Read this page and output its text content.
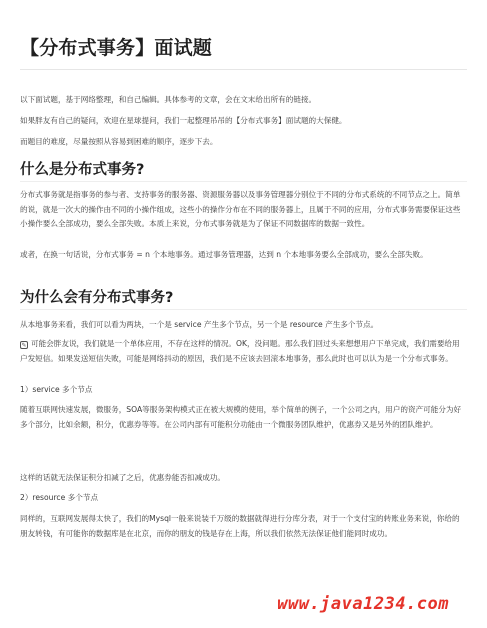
【分布式事务】面试题
以下面试题，基于网络整理，和自己编辑。具体参考的文章，会在文末给出所有的链接。
如果胖友有自己的疑问，欢迎在星球提问，我们一起整理吊吊的【分布式事务】面试题的大保健。
而题目的难度，尽量按照从容易到困难的顺序，逐步下去。
什么是分布式事务?
分布式事务就是指事务的参与者、支持事务的服务器、资源服务器以及事务管理器分别位于不同的分布式系统的不同节点之上。简单的说，就是一次大的操作由不同的小操作组成，这些小的操作分布在不同的服务器上，且属于不同的应用，分布式事务需要保证这些小操作要么全部成功，要么全部失败。本质上来说，分布式事务就是为了保证不同数据库的数据一致性。
或者，在换一句话说，分布式事务 = n 个本地事务。通过事务管理器，达到 n 个本地事务要么全部成功，要么全部失败。
为什么会有分布式事务?
从本地事务来看，我们可以看为两块，一个是 service 产生多个节点，另一个是 resource 产生多个节点。
✎ 可能会胖友说，我们就是一个单体应用，不存在这样的情况。OK，没问题。那么我们回过头来想想用户下单完成，我们需要给用户发短信。如果发送短信失败，可能是网络抖动的原因，我们是不应该去回滚本地事务，那么此时也可以认为是一个分布式事务。
1）service 多个节点
随着互联网快速发展，微服务，SOA等服务架构模式正在被大规模的使用，举个简单的例子，一个公司之内，用户的资产可能分为好多个部分，比如余额，积分，优惠券等等。在公司内部有可能积分功能由一个微服务团队维护，优惠券又是另外的团队维护。
这样的话就无法保证积分扣减了之后，优惠券能否扣减成功。
2）resource 多个节点
同样的，互联网发展得太快了，我们的Mysql一般来说装千万级的数据就得进行分库分表，对于一个支付宝的转账业务来说，你给的朋友转钱，有可能你的数据库是在北京，而你的朋友的钱是存在上海，所以我们依然无法保证他们能同时成功。
www.java1234.com
